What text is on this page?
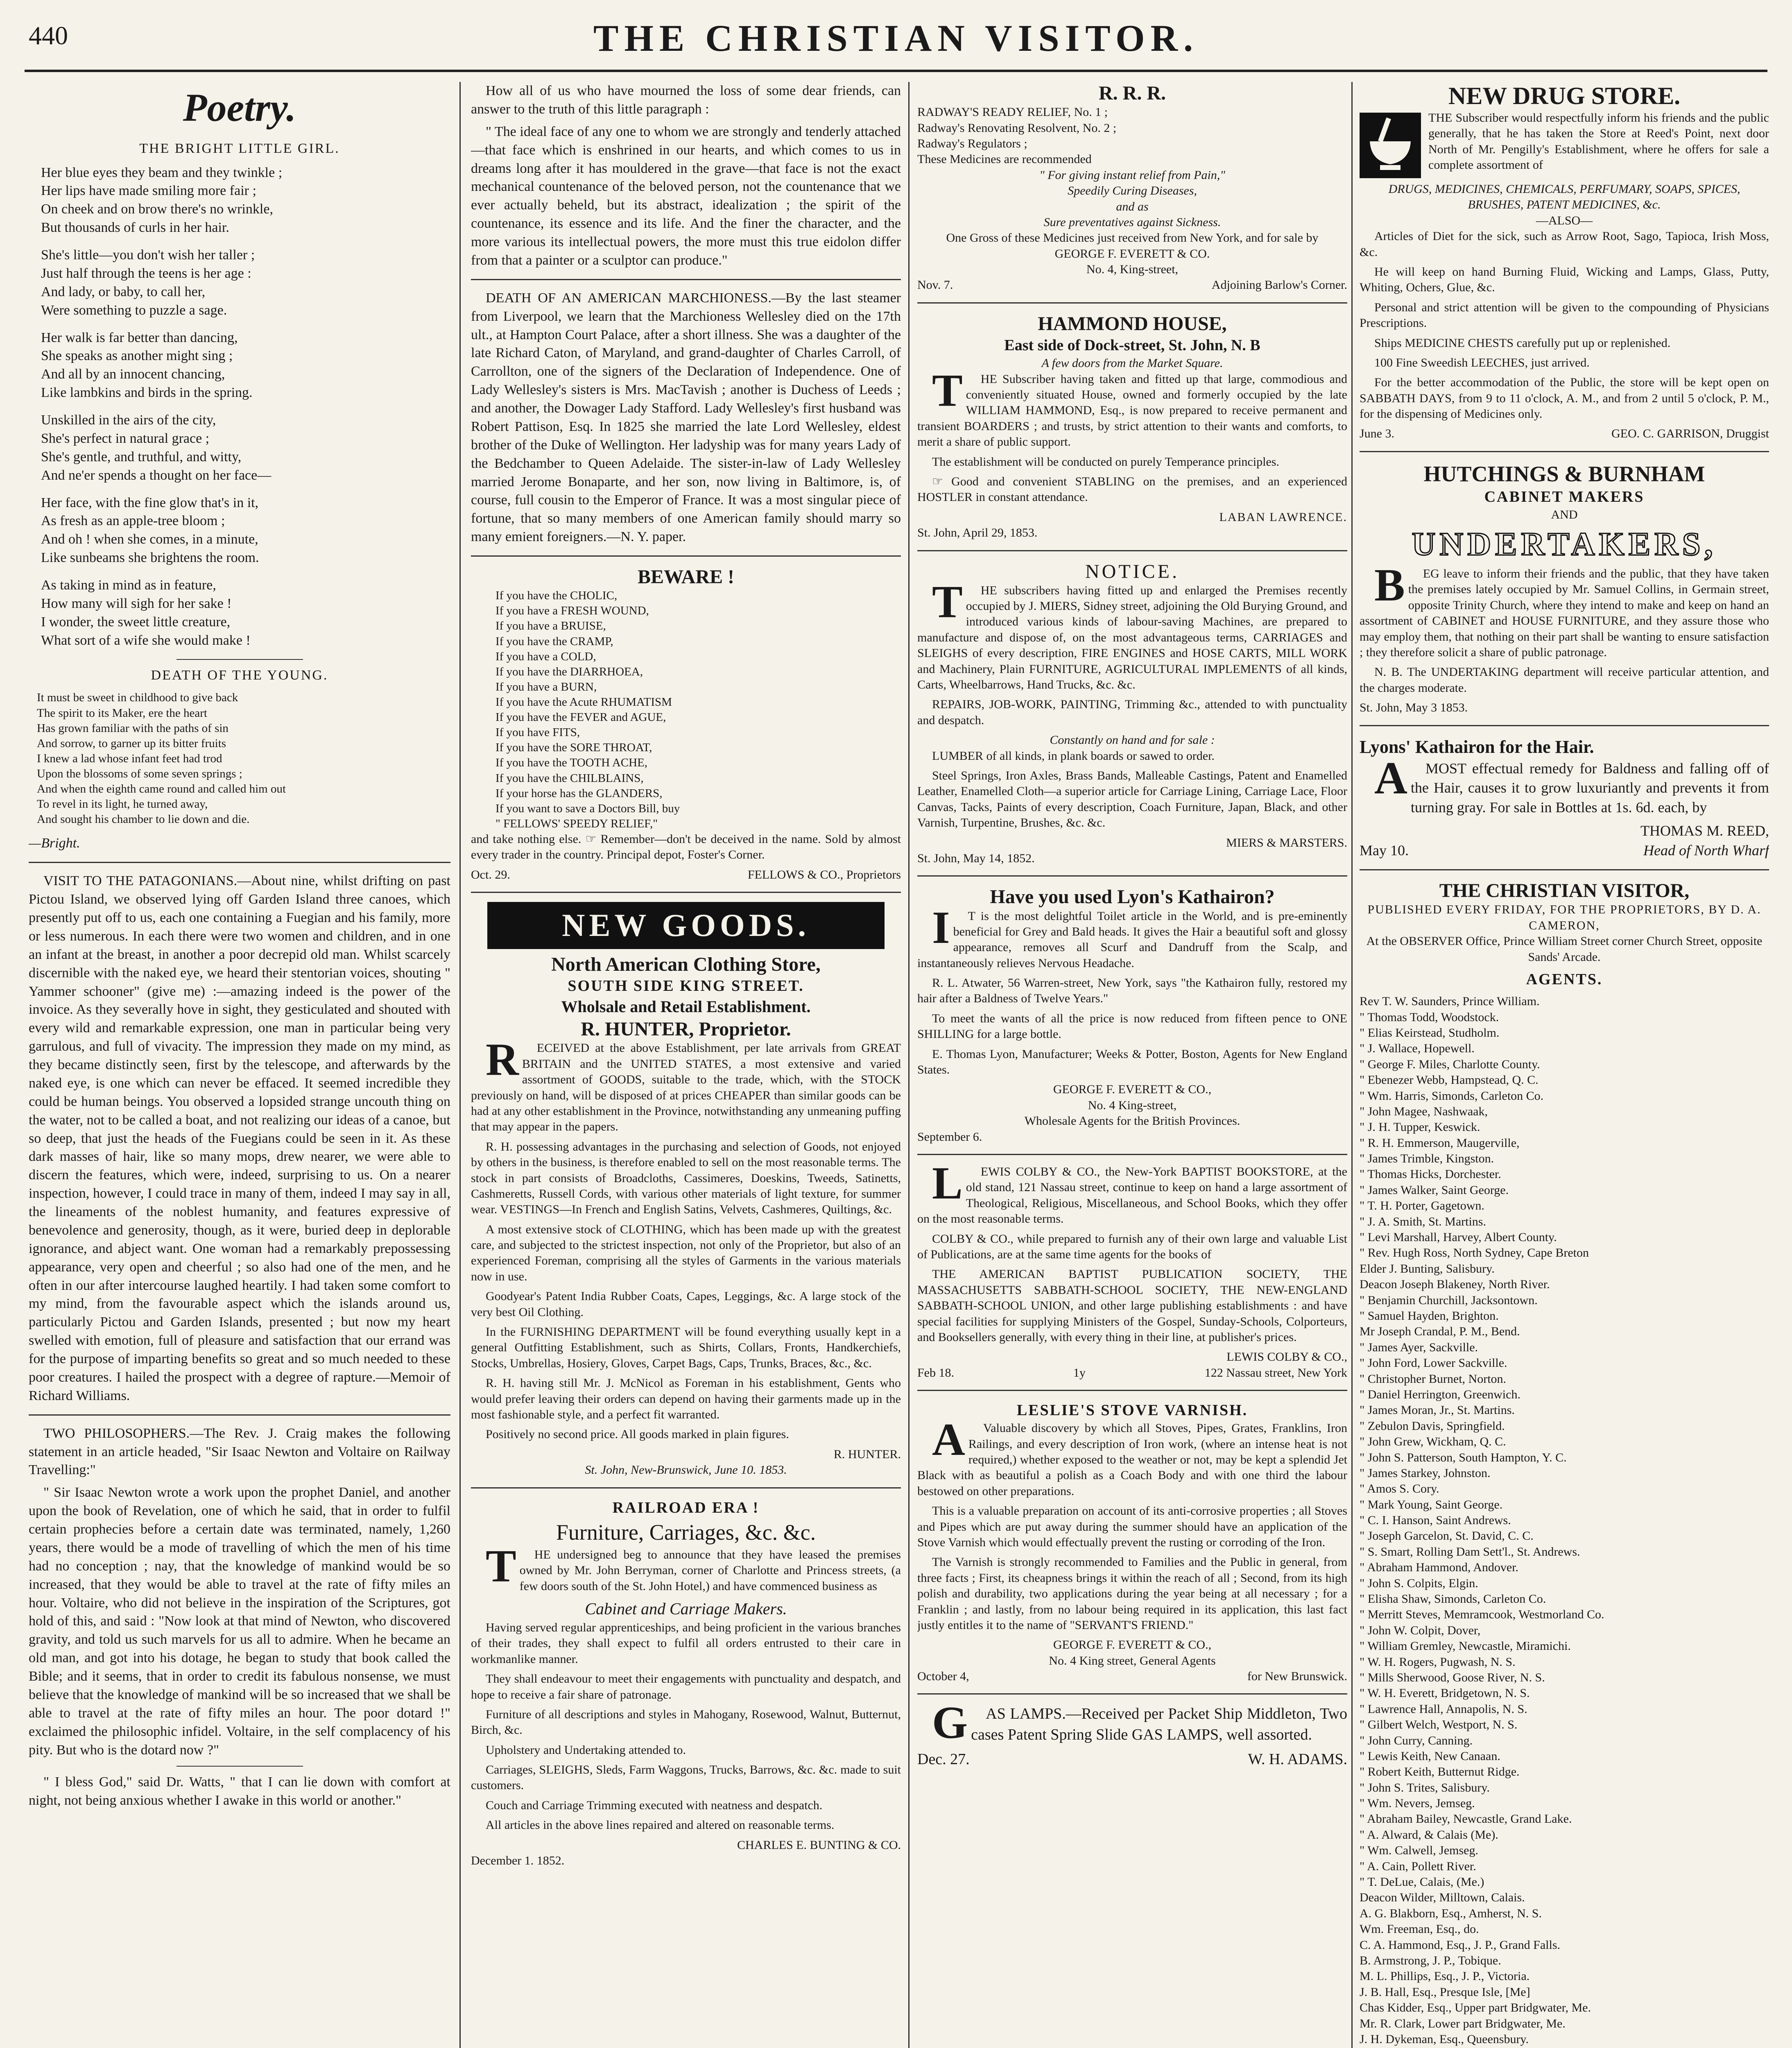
440	THE CHRISTIAN VISITOR.
Poetry.
THE BRIGHT LITTLE GIRL.
Her blue eyes they beam and they twinkle ;
Her lips have made smiling more fair ;
On cheek and on brow there's no wrinkle,
But thousands of curls in her hair.
She's little—you don't wish her taller ;
Just half through the teens is her age :
And lady, or baby, to call her,
Were something to puzzle a sage.
Her walk is far better than dancing,
She speaks as another might sing ;
And all by an innocent chancing,
Like lambkins and birds in the spring.
Unskilled in the airs of the city,
She's perfect in natural grace ;
She's gentle, and truthful, and witty,
And ne'er spends a thought on her face—
Her face, with the fine glow that's in it,
As fresh as an apple-tree bloom ;
And oh ! when she comes, in a minute,
Like sunbeams she brightens the room.
As taking in mind as in feature,
How many will sigh for her sake !
I wonder, the sweet little creature,
What sort of a wife she would make !
DEATH OF THE YOUNG.
It must be sweet in childhood to give back
The spirit to its Maker, ere the heart
Has grown familiar with the paths of sin
And sorrow, to garner up its bitter fruits
I knew a lad whose infant feet had trod
Upon the blossoms of some seven springs ;
And when the eighth came round and called him out
To revel in its light, he turned away,
And sought his chamber to lie down and die.
—Bright.

VISIT TO THE PATAGONIANS.—About nine, whilst drifting on past Pictou Island, we observed lying off Garden Island three canoes, which presently put off to us, each one containing a Fuegian and his family, more or less numerous. In each there were two women and children, and in one an infant at the breast, in another a poor decrepid old man. Whilst scarcely discernible with the naked eye, we heard their stentorian voices, shouting " Yammer schooner" (give me) :—amazing indeed is the power of the invoice. As they severally hove in sight, they gesticulated and shouted with every wild and remarkable expression, one man in particular being very garrulous, and full of vivacity. The impression they made on my mind, as they became distinctly seen, first by the telescope, and afterwards by the naked eye, is one which can never be effaced. It seemed incredible they could be human beings. You observed a lopsided strange uncouth thing on the water, not to be called a boat, and not realizing our ideas of a canoe, but so deep, that just the heads of the Fuegians could be seen in it. As these dark masses of hair, like so many mops, drew nearer, we were able to discern the features, which were, indeed, surprising to us. On a nearer inspection, however, I could trace in many of them, indeed I may say in all, the lineaments of the noblest humanity, and features expressive of benevolence and generosity, though, as it were, buried deep in deplorable ignorance, and abject want. One woman had a remarkably prepossessing appearance, very open and cheerful ; so also had one of the men, and he often in our after intercourse laughed heartily. I had taken some comfort to my mind, from the favourable aspect which the islands around us, particularly Pictou and Garden Islands, presented ; but now my heart swelled with emotion, full of pleasure and satisfaction that our errand was for the purpose of imparting benefits so great and so much needed to these poor creatures. I hailed the prospect with a degree of rapture.—Memoir of Richard Williams.

TWO PHILOSOPHERS.—The Rev. J. Craig makes the following statement in an article headed, "Sir Isaac Newton and Voltaire on Railway Travelling:"

" Sir Isaac Newton wrote a work upon the prophet Daniel, and another upon the book of Revelation, one of which he said, that in order to fulfil certain prophecies before a certain date was terminated, namely, 1,260 years, there would be a mode of travelling of which the men of his time had no conception ; nay, that the knowledge of mankind would be so increased, that they would be able to travel at the rate of fifty miles an hour. Voltaire, who did not believe in the inspiration of the Scriptures, got hold of this, and said : "Now look at that mind of Newton, who discovered gravity, and told us such marvels for us all to admire. When he became an old man, and got into his dotage, he began to study that book called the Bible; and it seems, that in order to credit its fabulous nonsense, we must believe that the knowledge of mankind will be so increased that we shall be able to travel at the rate of fifty miles an hour. The poor dotard !" exclaimed the philosophic infidel. Voltaire, in the self complacency of his pity. But who is the dotard now ?"

" I bless God," said Dr. Watts, " that I can lie down with comfort at night, not being anxious whether I awake in this world or another."

How all of us who have mourned the loss of some dear friends, can answer to the truth of this little paragraph :

" The ideal face of any one to whom we are strongly and tenderly attached—that face which is enshrined in our hearts, and which comes to us in dreams long after it has mouldered in the grave—that face is not the exact mechanical countenance of the beloved person, not the countenance that we ever actually beheld, but its abstract, idealization ; the spirit of the countenance, its essence and its life. And the finer the character, and the more various its intellectual powers, the more must this true eidolon differ from that a painter or a sculptor can produce."

DEATH OF AN AMERICAN MARCHIONESS.—By the last steamer from Liverpool, we learn that the Marchioness Wellesley died on the 17th ult., at Hampton Court Palace, after a short illness. She was a daughter of the late Richard Caton, of Maryland, and grand-daughter of Charles Carroll, of Carrollton, one of the signers of the Declaration of Independence. One of Lady Wellesley's sisters is Mrs. MacTavish ; another is Duchess of Leeds ; and another, the Dowager Lady Stafford. Lady Wellesley's first husband was Robert Pattison, Esq. In 1825 she married the late Lord Wellesley, eldest brother of the Duke of Wellington. Her ladyship was for many years Lady of the Bedchamber to Queen Adelaide. The sister-in-law of Lady Wellesley married Jerome Bonaparte, and her son, now living in Baltimore, is, of course, full cousin to the Emperor of France. It was a most singular piece of fortune, that so many members of one American family should marry so many emient foreigners.—N. Y. paper.

BEWARE !
If you have the CHOLIC,
If you have a FRESH WOUND,
If you have a BRUISE,
If you have the CRAMP,
If you have a COLD,
If you have the DIARRHOEA,
If you have a BURN,
If you have the Acute RHUMATISM
If you have the FEVER and AGUE,
If you have FITS,
If you have the SORE THROAT,
If you have the TOOTH ACHE,
If you have the CHILBLAINS,
If your horse has the GLANDERS,
If you want to save a Doctors Bill, buy
" FELLOWS' SPEEDY RELIEF,"

and take nothing else. ☞ Remember—don't be deceived in the name. Sold by almost every trader in the country. Principal depot, Foster's Corner.

Oct. 29.	FELLOWS & CO., Proprietors
NEW GOODS.
North American Clothing Store,
SOUTH SIDE KING STREET.
Wholsale and Retail Establishment.
R. HUNTER, Proprietor.

RECEIVED at the above Establishment, per late arrivals from GREAT BRITAIN and the UNITED STATES, a most extensive and varied assortment of GOODS, suitable to the trade, which, with the STOCK previously on hand, will be disposed of at prices CHEAPER than similar goods can be had at any other establishment in the Province, notwithstanding any unmeaning puffing that may appear in the papers.

R. H. possessing advantages in the purchasing and selection of Goods, not enjoyed by others in the business, is therefore enabled to sell on the most reasonable terms. The stock in part consists of Broadcloths, Cassimeres, Doeskins, Tweeds, Satinetts, Cashmeretts, Russell Cords, with various other materials of light texture, for summer wear. VESTINGS—In French and English Satins, Velvets, Cashmeres, Quiltings, &c.

A most extensive stock of CLOTHING, which has been made up with the greatest care, and subjected to the strictest inspection, not only of the Proprietor, but also of an experienced Foreman, comprising all the styles of Garments in the various materials now in use.

Goodyear's Patent India Rubber Coats, Capes, Leggings, &c. A large stock of the very best Oil Clothing.

In the FURNISHING DEPARTMENT will be found everything usually kept in a general Outfitting Establishment, such as Shirts, Collars, Fronts, Handkerchiefs, Stocks, Umbrellas, Hosiery, Gloves, Carpet Bags, Caps, Trunks, Braces, &c., &c.

R. H. having still Mr. J. McNicol as Foreman in his establishment, Gents who would prefer leaving their orders can depend on having their garments made up in the most fashionable style, and a perfect fit warranted.

Positively no second price. All goods marked in plain figures.

R. HUNTER.
St. John, New-Brunswick, June 10. 1853.
RAILROAD ERA !
Furniture, Carriages, &c. &c.

THE undersigned beg to announce that they have leased the premises owned by Mr. John Berryman, corner of Charlotte and Princess streets, (a few doors south of the St. John Hotel,) and have commenced business as

Cabinet and Carriage Makers.

Having served regular apprenticeships, and being proficient in the various branches of their trades, they shall expect to fulfil all orders entrusted to their care in workmanlike manner.

They shall endeavour to meet their engagements with punctuality and despatch, and hope to receive a fair share of patronage.

Furniture of all descriptions and styles in Mahogany, Rosewood, Walnut, Butternut, Birch, &c.

Upholstery and Undertaking attended to.

Carriages, SLEIGHS, Sleds, Farm Waggons, Trucks, Barrows, &c. &c. made to suit customers.

Couch and Carriage Trimming executed with neatness and despatch.

All articles in the above lines repaired and altered on reasonable terms.

CHARLES E. BUNTING & CO.
December 1. 1852.
R. R. R.
RADWAY'S READY RELIEF, No. 1 ;
Radway's Renovating Resolvent, No. 2 ;
Radway's Regulators ;
These Medicines are recommended
" For giving instant relief from Pain,"
Speedily Curing Diseases,
and as
Sure preventatives against Sickness.
One Gross of these Medicines just received from New York, and for sale by
GEORGE F. EVERETT & CO.
No. 4, King-street,
Nov. 7.	Adjoining Barlow's Corner.
HAMMOND HOUSE,
East side of Dock-street, St. John, N. B
A few doors from the Market Square.

THE Subscriber having taken and fitted up that large, commodious and conveniently situated House, owned and formerly occupied by the late WILLIAM HAMMOND, Esq., is now prepared to receive permanent and transient BOARDERS ; and trusts, by strict attention to their wants and comforts, to merit a share of public support.

The establishment will be conducted on purely Temperance principles.

☞ Good and convenient STABLING on the premises, and an experienced HOSTLER in constant attendance.

LABAN LAWRENCE.
St. John, April 29, 1853.
NOTICE.

THE subscribers having fitted up and enlarged the Premises recently occupied by J. MIERS, Sidney street, adjoining the Old Burying Ground, and introduced various kinds of labour-saving Machines, are prepared to manufacture and dispose of, on the most advantageous terms, CARRIAGES and SLEIGHS of every description, FIRE ENGINES and HOSE CARTS, MILL WORK and Machinery, Plain FURNITURE, AGRICULTURAL IMPLEMENTS of all kinds, Carts, Wheelbarrows, Hand Trucks, &c. &c.

REPAIRS, JOB-WORK, PAINTING, Trimming &c., attended to with punctuality and despatch.

Constantly on hand and for sale :

LUMBER of all kinds, in plank boards or sawed to order.

Steel Springs, Iron Axles, Brass Bands, Malleable Castings, Patent and Enamelled Leather, Enamelled Cloth—a superior article for Carriage Lining, Carriage Lace, Floor Canvas, Tacks, Paints of every description, Coach Furniture, Japan, Black, and other Varnish, Turpentine, Brushes, &c. &c.

MIERS & MARSTERS.
St. John, May 14, 1852.
Have you used Lyon's Kathairon?

IT is the most delightful Toilet article in the World, and is pre-eminently beneficial for Grey and Bald heads. It gives the Hair a beautiful soft and glossy appearance, removes all Scurf and Dandruff from the Scalp, and instantaneously relieves Nervous Headache.

R. L. Atwater, 56 Warren-street, New York, says "the Kathairon fully, restored my hair after a Baldness of Twelve Years."

To meet the wants of all the price is now reduced from fifteen pence to ONE SHILLING for a large bottle.

E. Thomas Lyon, Manufacturer; Weeks & Potter, Boston, Agents for New England States.

GEORGE F. EVERETT & CO.,
No. 4 King-street,
Wholesale Agents for the British Provinces.
September 6.

LEWIS COLBY & CO., the New-York BAPTIST BOOKSTORE, at the old stand, 121 Nassau street, continue to keep on hand a large assortment of Theological, Religious, Miscellaneous, and School Books, which they offer on the most reasonable terms.

COLBY & CO., while prepared to furnish any of their own large and valuable List of Publications, are at the same time agents for the books of

THE AMERICAN BAPTIST PUBLICATION SOCIETY, THE MASSACHUSETTS SABBATH-SCHOOL SOCIETY, THE NEW-ENGLAND SABBATH-SCHOOL UNION, and other large publishing establishments : and have special facilities for supplying Ministers of the Gospel, Sunday-Schools, Colporteurs, and Booksellers generally, with every thing in their line, at publisher's prices.

LEWIS COLBY & CO.,
Feb 18.	1y	122 Nassau street, New York
LESLIE'S STOVE VARNISH.

AValuable discovery by which all Stoves, Pipes, Grates, Franklins, Iron Railings, and every description of Iron work, (where an intense heat is not required,) whether exposed to the weather or not, may be kept a splendid Jet Black with as beautiful a polish as a Coach Body and with one third the labour bestowed on other preparations.

This is a valuable preparation on account of its anti-corrosive properties ; all Stoves and Pipes which are put away during the summer should have an application of the Stove Varnish which would effectually prevent the rusting or corroding of the Iron.

The Varnish is strongly recommended to Families and the Public in general, from three facts ; First, its cheapness brings it within the reach of all ; Second, from its high polish and durability, two applications during the year being at all necessary ; for a Franklin ; and lastly, from no labour being required in its application, this last fact justly entitles it to the name of "SERVANT'S FRIEND."

GEORGE F. EVERETT & CO.,
No. 4 King street, General Agents
October 4,	for New Brunswick.

GAS LAMPS.—Received per Packet Ship Middleton, Two cases Patent Spring Slide GAS LAMPS, well assorted.

Dec. 27.	W. H. ADAMS.
NEW DRUG STORE.
THE Subscriber would respectfully inform his friends and the public generally, that he has taken the Store at Reed's Point, next door North of Mr. Pengilly's Establishment, where he offers for sale a complete assortment of
DRUGS, MEDICINES, CHEMICALS, PERFUMARY, SOAPS, SPICES, BRUSHES, PATENT MEDICINES, &c.
—ALSO—

Articles of Diet for the sick, such as Arrow Root, Sago, Tapioca, Irish Moss, &c.

He will keep on hand Burning Fluid, Wicking and Lamps, Glass, Putty, Whiting, Ochers, Glue, &c.

Personal and strict attention will be given to the compounding of Physicians Prescriptions.

Ships MEDICINE CHESTS carefully put up or replenished.

100 Fine Sweedish LEECHES, just arrived.

For the better accommodation of the Public, the store will be kept open on SABBATH DAYS, from 9 to 11 o'clock, A. M., and from 2 until 5 o'clock, P. M., for the dispensing of Medicines only.

June 3.	GEO. C. GARRISON, Druggist
HUTCHINGS & BURNHAM
CABINET MAKERS
AND
UNDERTAKERS,

BEG leave to inform their friends and the public, that they have taken the premises lately occupied by Mr. Samuel Collins, in Germain street, opposite Trinity Church, where they intend to make and keep on hand an assortment of CABINET and HOUSE FURNITURE, and they assure those who may employ them, that nothing on their part shall be wanting to ensure satisfaction ; they therefore solicit a share of public patronage.

N. B. The UNDERTAKING department will receive particular attention, and the charges moderate.

St. John, May 3 1853.
Lyons' Kathairon for the Hair.

AMOST effectual remedy for Baldness and falling off of the Hair, causes it to grow luxuriantly and prevents it from turning gray. For sale in Bottles at 1s. 6d. each, by

THOMAS M. REED,
May 10.	Head of North Wharf
THE CHRISTIAN VISITOR,
PUBLISHED EVERY FRIDAY, FOR THE PROPRIETORS, BY D. A. CAMERON,
At the OBSERVER Office, Prince William Street corner Church Street, opposite Sands' Arcade.
AGENTS.
Rev T. W. Saunders, Prince William.
" Thomas Todd, Woodstock.
" Elias Keirstead, Studholm.
" J. Wallace, Hopewell.
" George F. Miles, Charlotte County.
" Ebenezer Webb, Hampstead, Q. C.
" Wm. Harris, Simonds, Carleton Co.
" John Magee, Nashwaak,
" J. H. Tupper, Keswick.
" R. H. Emmerson, Maugerville,
" James Trimble, Kingston.
" Thomas Hicks, Dorchester.
" James Walker, Saint George.
" T. H. Porter, Gagetown.
" J. A. Smith, St. Martins.
" Levi Marshall, Harvey, Albert County.
" Rev. Hugh Ross, North Sydney, Cape Breton
Elder J. Bunting, Salisbury.
Deacon Joseph Blakeney, North River.
" Benjamin Churchill, Jacksontown.
" Samuel Hayden, Brighton.
Mr Joseph Crandal, P. M., Bend.
" James Ayer, Sackville.
" John Ford, Lower Sackville.
" Christopher Burnet, Norton.
" Daniel Herrington, Greenwich.
" James Moran, Jr., St. Martins.
" Zebulon Davis, Springfield.
" John Grew, Wickham, Q. C.
" John S. Patterson, South Hampton, Y. C.
" James Starkey, Johnston.
" Amos S. Cory.
" Mark Young, Saint George.
" C. I. Hanson, Saint Andrews.
" Joseph Garcelon, St. David, C. C.
" S. Smart, Rolling Dam Sett'l., St. Andrews.
" Abraham Hammond, Andover.
" John S. Colpits, Elgin.
" Elisha Shaw, Simonds, Carleton Co.
" Merritt Steves, Memramcook, Westmorland Co.
" John W. Colpit, Dover,
" William Gremley, Newcastle, Miramichi.
" W. H. Rogers, Pugwash, N. S.
" Mills Sherwood, Goose River, N. S.
" W. H. Everett, Bridgetown, N. S.
" Lawrence Hall, Annapolis, N. S.
" Gilbert Welch, Westport, N. S.
" John Curry, Canning.
" Lewis Keith, New Canaan.
" Robert Keith, Butternut Ridge.
" John S. Trites, Salisbury.
" Wm. Nevers, Jemseg.
" Abraham Bailey, Newcastle, Grand Lake.
" A. Alward, & Calais (Me).
" Wm. Calwell, Jemseg.
" A. Cain, Pollett River.
" T. DeLue, Calais, (Me.)
Deacon Wilder, Milltown, Calais.
A. G. Blakborn, Esq., Amherst, N. S.
Wm. Freeman, Esq., do.
C. A. Hammond, Esq., J. P., Grand Falls.
B. Armstrong, J. P., Tobique.
M. L. Phillips, Esq., J. P., Victoria.
J. B. Hall, Esq., Presque Isle, [Me]
Chas Kidder, Esq., Upper part Bridgwater, Me.
Mr. R. Clark, Lower part Bridgwater, Me.
J. H. Dykeman, Esq., Queensbury.
